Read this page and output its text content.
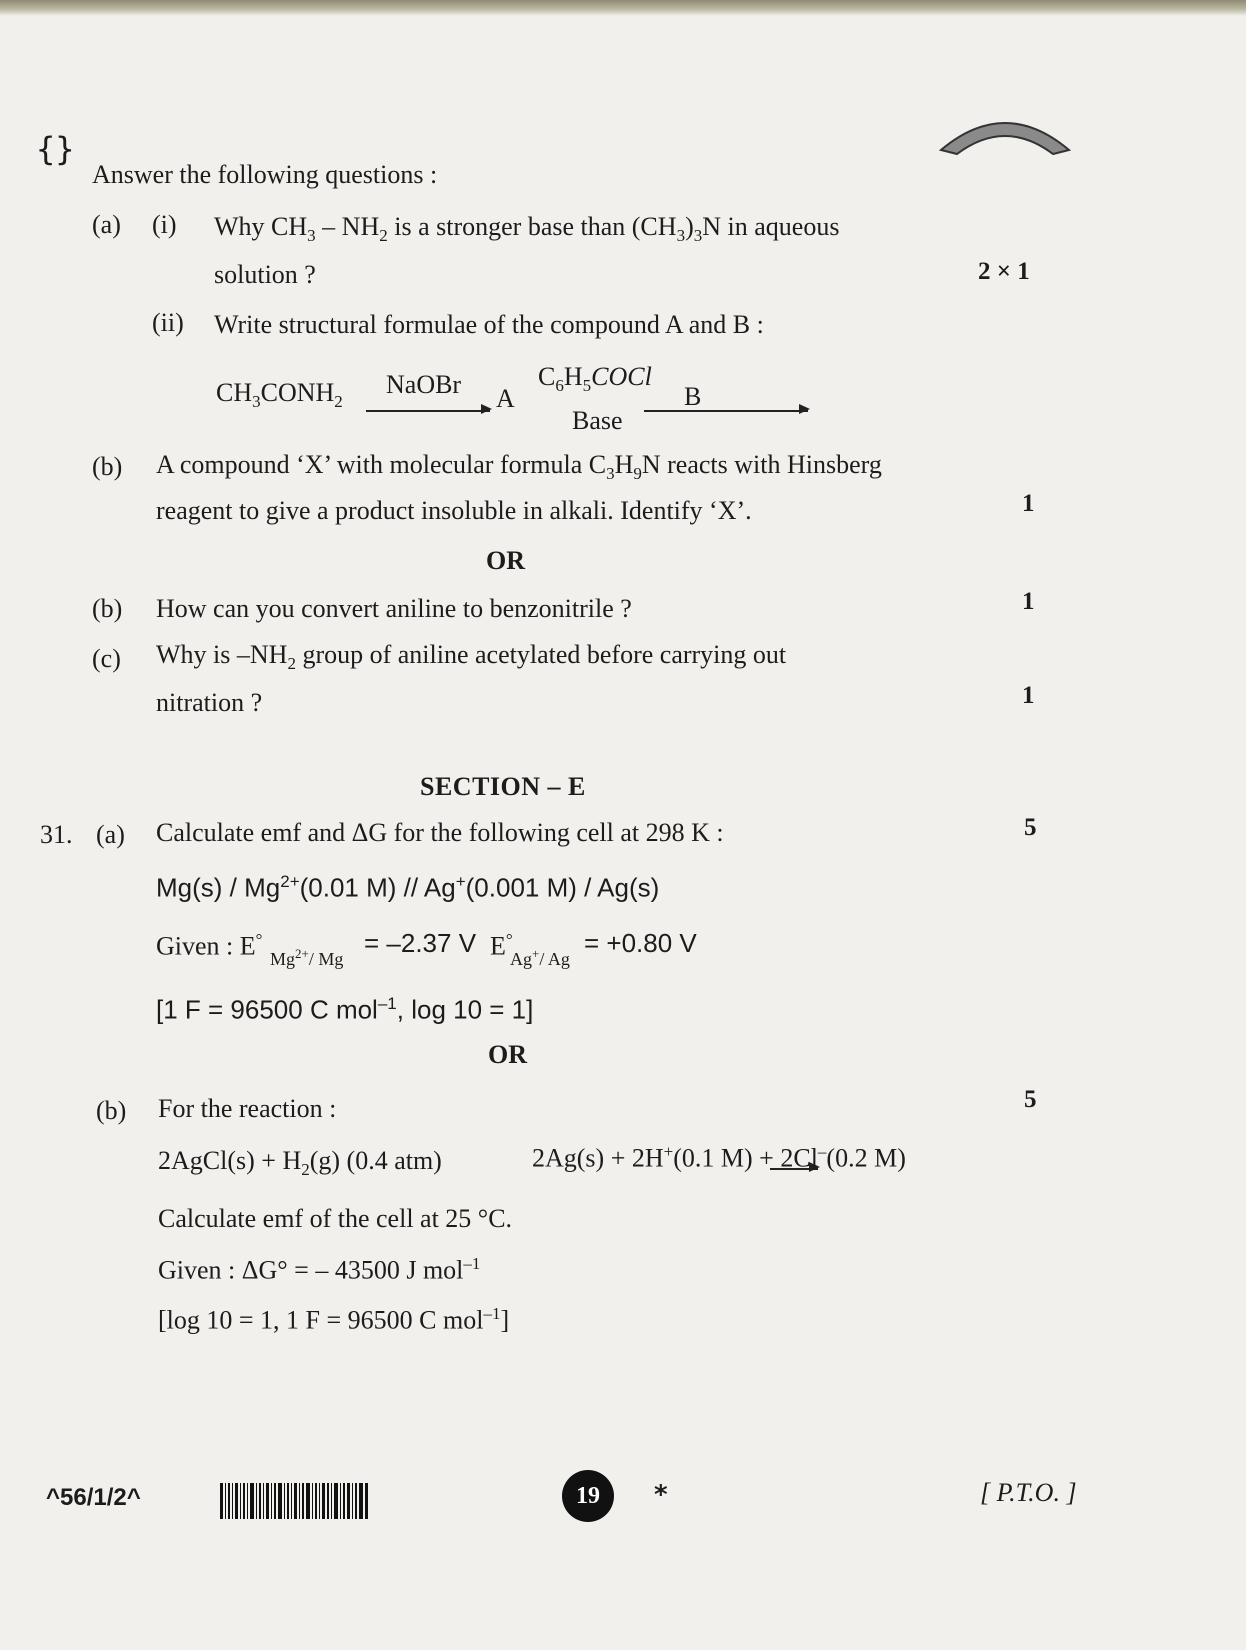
{}
Answer the following questions :
(a) (i) Why $CH_3 - NH_2$ is a stronger base than $(CH_3)_3N$ in aqueous
solution ?	2 × 1
(ii) Write structural formulae of the compound A and B :
$CH_3CONH_2$
NaOBr
A
$C_6H_5COCl$

Base
B
(b) A compound ‘X’ with molecular formula $C_3H_9N$ reacts with Hinsberg
reagent to give a product insoluble in alkali. Identify ‘X’.	1
OR
(b) How can you convert aniline to benzonitrile ?	1
(c) Why is $-NH_2$ group of aniline acetylated before carrying out
nitration ?	1
SECTION – E
31. (a) Calculate emf and ΔG for the following cell at 298 K :	5
$Mg(s) / Mg^{2+}(0.01$ M) // Ag+(0.001 M) / Ag(s)
Given : E°
$Mg^{2+}/$ Mg
= –2.37 V E°
Ag+/ Ag
= +0.80 V
[1 F = 96500 C mol$^{-1}$, log 10 = 1]
OR
(b) For the reaction :	5
2AgCl(s) + $H_2(g)$ (0.4 atm)	2Ag(s) + 2H+(0.1 M) + 2Cl–(0.2 M)
Calculate emf of the cell at 25 °C.
Given : ΔG° = – 43500 J mol$^{-1}$
[log 10 = 1, 1 F = 96500 C mol$^{-1}$]
^56/1/2^	19	*	[ P.T.O. ]
